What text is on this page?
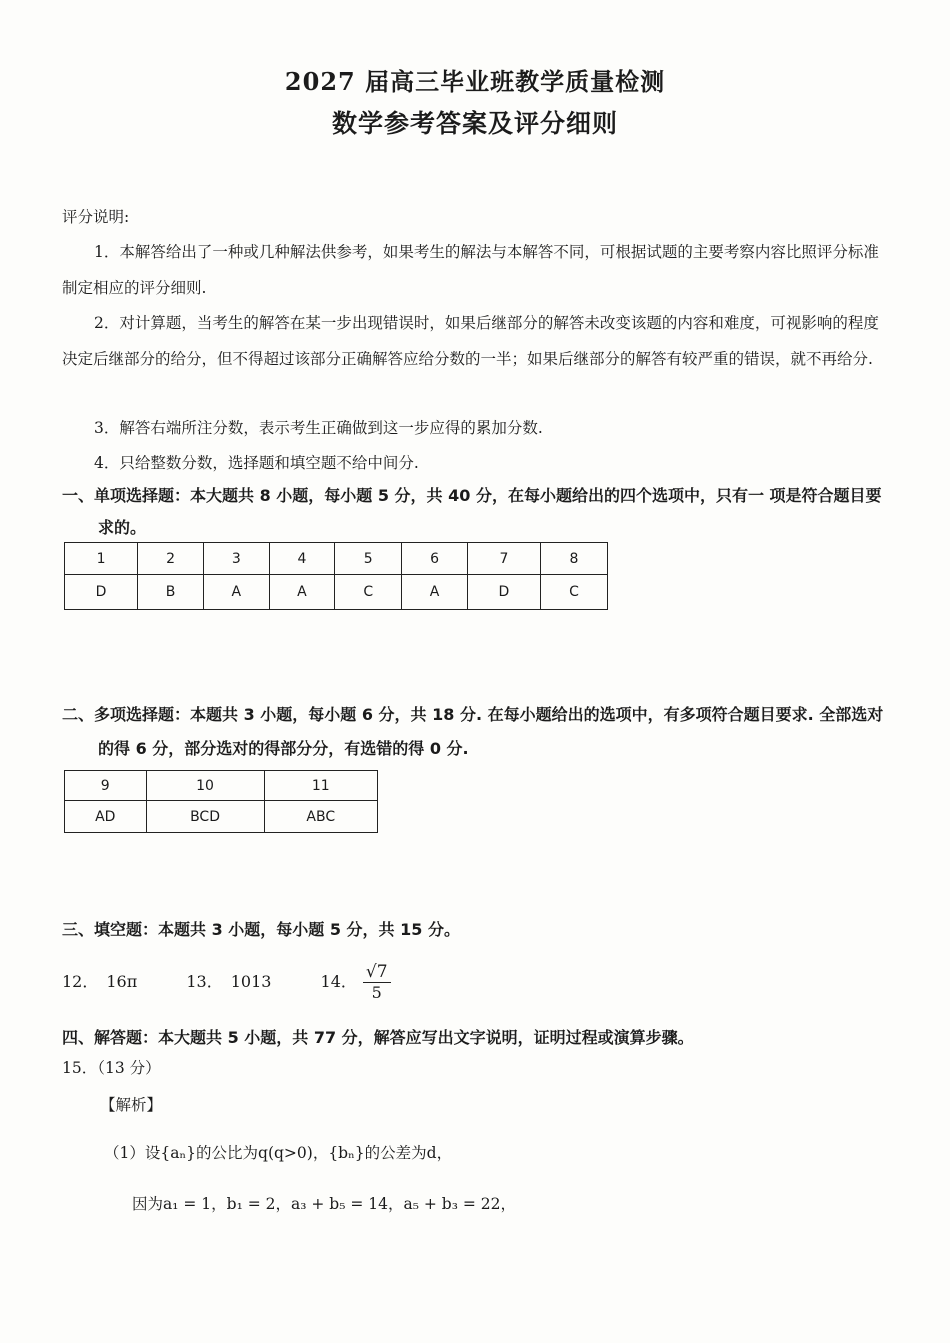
2027 届高三毕业班教学质量检测
数学参考答案及评分细则
评分说明:
1．本解答给出了一种或几种解法供参考，如果考生的解法与本解答不同，可根据试题的主要考察内容比照评分标准制定相应的评分细则.
2．对计算题，当考生的解答在某一步出现错误时，如果后继部分的解答未改变该题的内容和难度，可视影响的程度决定后继部分的给分，但不得超过该部分正确解答应给分数的一半；如果后继部分的解答有较严重的错误，就不再给分.
3．解答右端所注分数，表示考生正确做到这一步应得的累加分数.
4．只给整数分数，选择题和填空题不给中间分.
一、单项选择题：本大题共 8 小题，每小题 5 分，共 40 分，在每小题给出的四个选项中，只有一 项是符合题目要求的。
1	2	3	4	5	6	7	8
D	B	A	A	C	A	D	C
二、多项选择题：本题共 3 小题，每小题 6 分，共 18 分. 在每小题给出的选项中，有多项符合题目要求. 全部选对的得 6 分，部分选对的得部分分，有选错的得 0 分.
9	10	11
AD	BCD	ABC
三、填空题：本题共 3 小题，每小题 5 分，共 15 分。
12． 16π	13． 1013	14． $\frac{√7}{5}$
四、解答题：本大题共 5 小题，共 77 分，解答应写出文字说明，证明过程或演算步骤。
15．（13 分）
【解析】
（1）设{aₙ}的公比为q(q>0)，{bₙ}的公差为d，
因为a₁ = 1，b₁ = 2，a₃ + b₅ = 14，a₅ + b₃ = 22，
